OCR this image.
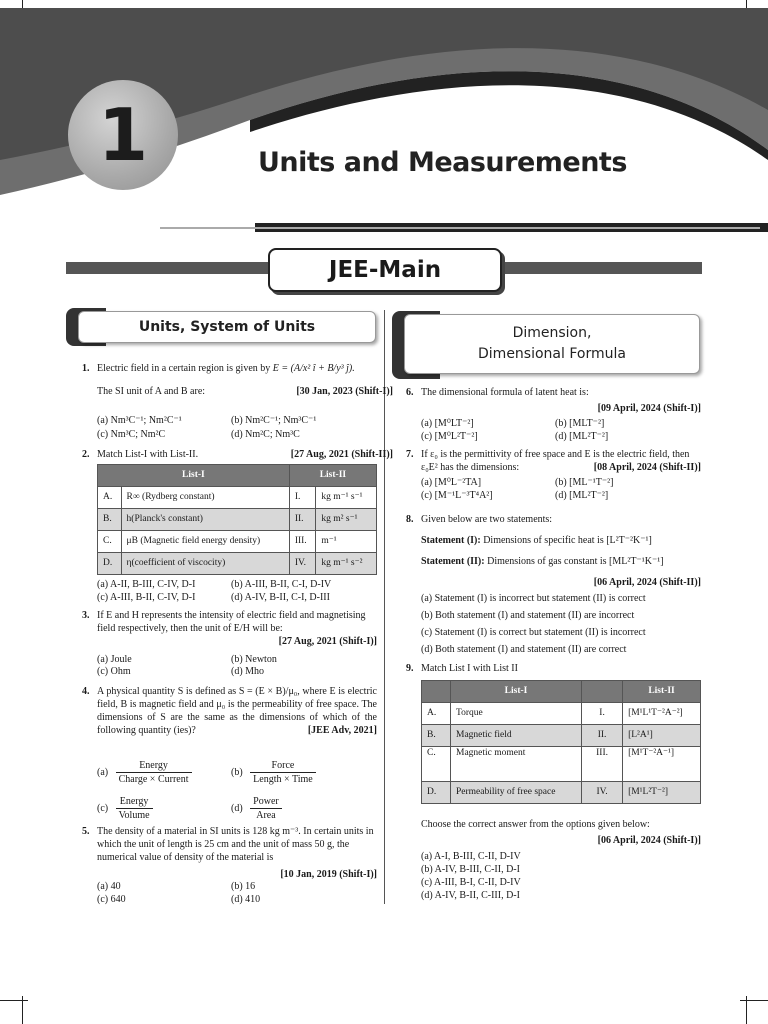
1	Units and Measurements
JEE-Main
Units, System of Units	Dimension,
Dimensional Formula
1. Electric field in a certain region is given by E = (A/x² î + B/y³ ĵ).
The SI unit of A and B are:	[30 Jan, 2023 (Shift-I)]
(a) Nm³C⁻¹; Nm²C⁻¹	(b) Nm²C⁻¹; Nm³C⁻¹
(c) Nm³C; Nm²C	(d) Nm²C; Nm³C
2. Match List-I with List-II.	[27 Aug, 2021 (Shift-II)]
List-I		List-II	
A.	R∞ (Rydberg constant)	I.	kg m⁻¹ s⁻¹
B.	h(Planck's constant)	II.	kg m² s⁻¹
C.	μB (Magnetic field energy density)	III.	m⁻¹
D.	η(coefficient of viscocity)	IV.	kg m⁻¹ s⁻²
(a) A-II, B-III, C-IV, D-I	(b) A-III, B-II, C-I, D-IV
(c) A-III, B-II, C-IV, D-I	(d) A-IV, B-II, C-I, D-III
3. If E and H represents the intensity of electric field and magnetising field respectively, then the unit of E/H will be:
[27 Aug, 2021 (Shift-I)]
(a) Joule	(b) Newton
(c) Ohm	(d) Mho
4. A physical quantity S is defined as S = (E × B)/μ₀, where E is electric field, B is magnetic field and μ₀ is the permeability of free space. The dimensions of S are the same as the dimensions of which of the following quantity (ies)?	[JEE Adv, 2021]
$(a) \frac{\text{Energy}}{\text{Charge × Current}}$	$(b) \frac{\text{Force}}{\text{Length × Time}}$
$(c) \frac{\text{Energy}}{\text{Volume}}$	$(d) \frac{\text{Power}}{\text{Area}}$
5. The density of a material in SI units is 128 kg m⁻³. In certain units in which the unit of length is 25 cm and the unit of mass 50 g, the numerical value of density of the material is
[10 Jan, 2019 (Shift-I)]
(a) 40	(b) 16
(c) 640	(d) 410
6. The dimensional formula of latent heat is:
[09 April, 2024 (Shift-I)]
(a) [M⁰LT⁻²]	(b) [MLT⁻²]
(c) [M⁰L²T⁻²]	(d) [ML²T⁻²]
7. If ε₀ is the permittivity of free space and E is the electric field, then ε₀E² has the dimensions:	[08 April, 2024 (Shift-II)]
(a) [M⁰L⁻²TA]	(b) [ML⁻¹T⁻²]
(c) [M⁻¹L⁻³T⁴A²]	(d) [ML²T⁻²]
8. Given below are two statements:
Statement (I): Dimensions of specific heat is [L²T⁻²K⁻¹]
Statement (II): Dimensions of gas constant is [ML²T⁻¹K⁻¹]
[06 April, 2024 (Shift-II)]
(a) Statement (I) is incorrect but statement (II) is correct
(b) Both statement (I) and statement (II) are incorrect
(c) Statement (I) is correct but statement (II) is incorrect
(d) Both statement (I) and statement (II) are correct
9. Match List I with List II
	List-I		List-II
A.	Torque	I.	[M¹L¹T⁻²A⁻²]
B.	Magnetic field	II.	[L²A¹]
C.	Magnetic moment	III.	[M¹T⁻²A⁻¹]
D.	Permeability of free space	IV.	[M¹L²T⁻²]
Choose the correct answer from the options given below:
[06 April, 2024 (Shift-I)]
(a) A-I, B-III, C-II, D-IV
(b) A-IV, B-III, C-II, D-I
(c) A-III, B-I, C-II, D-IV
(d) A-IV, B-II, C-III, D-I
